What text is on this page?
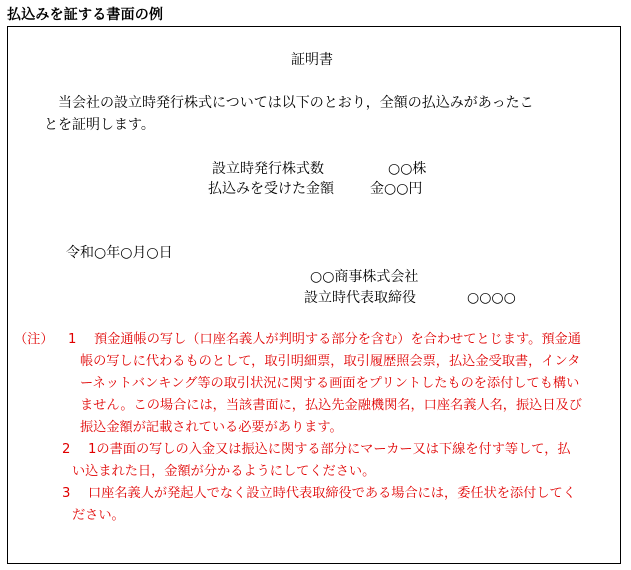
払込みを証する書面の例
証明書
当会社の設立時発行株式については以下のとおり，全額の払込みがあったこ
とを証明します。
設立時発行株式数	○○株
払込みを受けた金額	金○○円
令和○年○月○日
○○商事株式会社
設立時代表取締役	○○○○
（注） 1 預金通帳の写し（口座名義人が判明する部分を含む）を合わせてとじます。預金通
帳の写しに代わるものとして，取引明細票，取引履歴照会票，払込金受取書，インタ
ーネットバンキング等の取引状況に関する画面をプリントしたものを添付しても構い
ません。この場合には，当該書面に，払込先金融機関名，口座名義人名，振込日及び
振込金額が記載されている必要があります。
2 1の書面の写しの入金又は振込に関する部分にマーカー又は下線を付す等して，払
い込まれた日，金額が分かるようにしてください。
3 口座名義人が発起人でなく設立時代表取締役である場合には，委任状を添付してく
ださい。
